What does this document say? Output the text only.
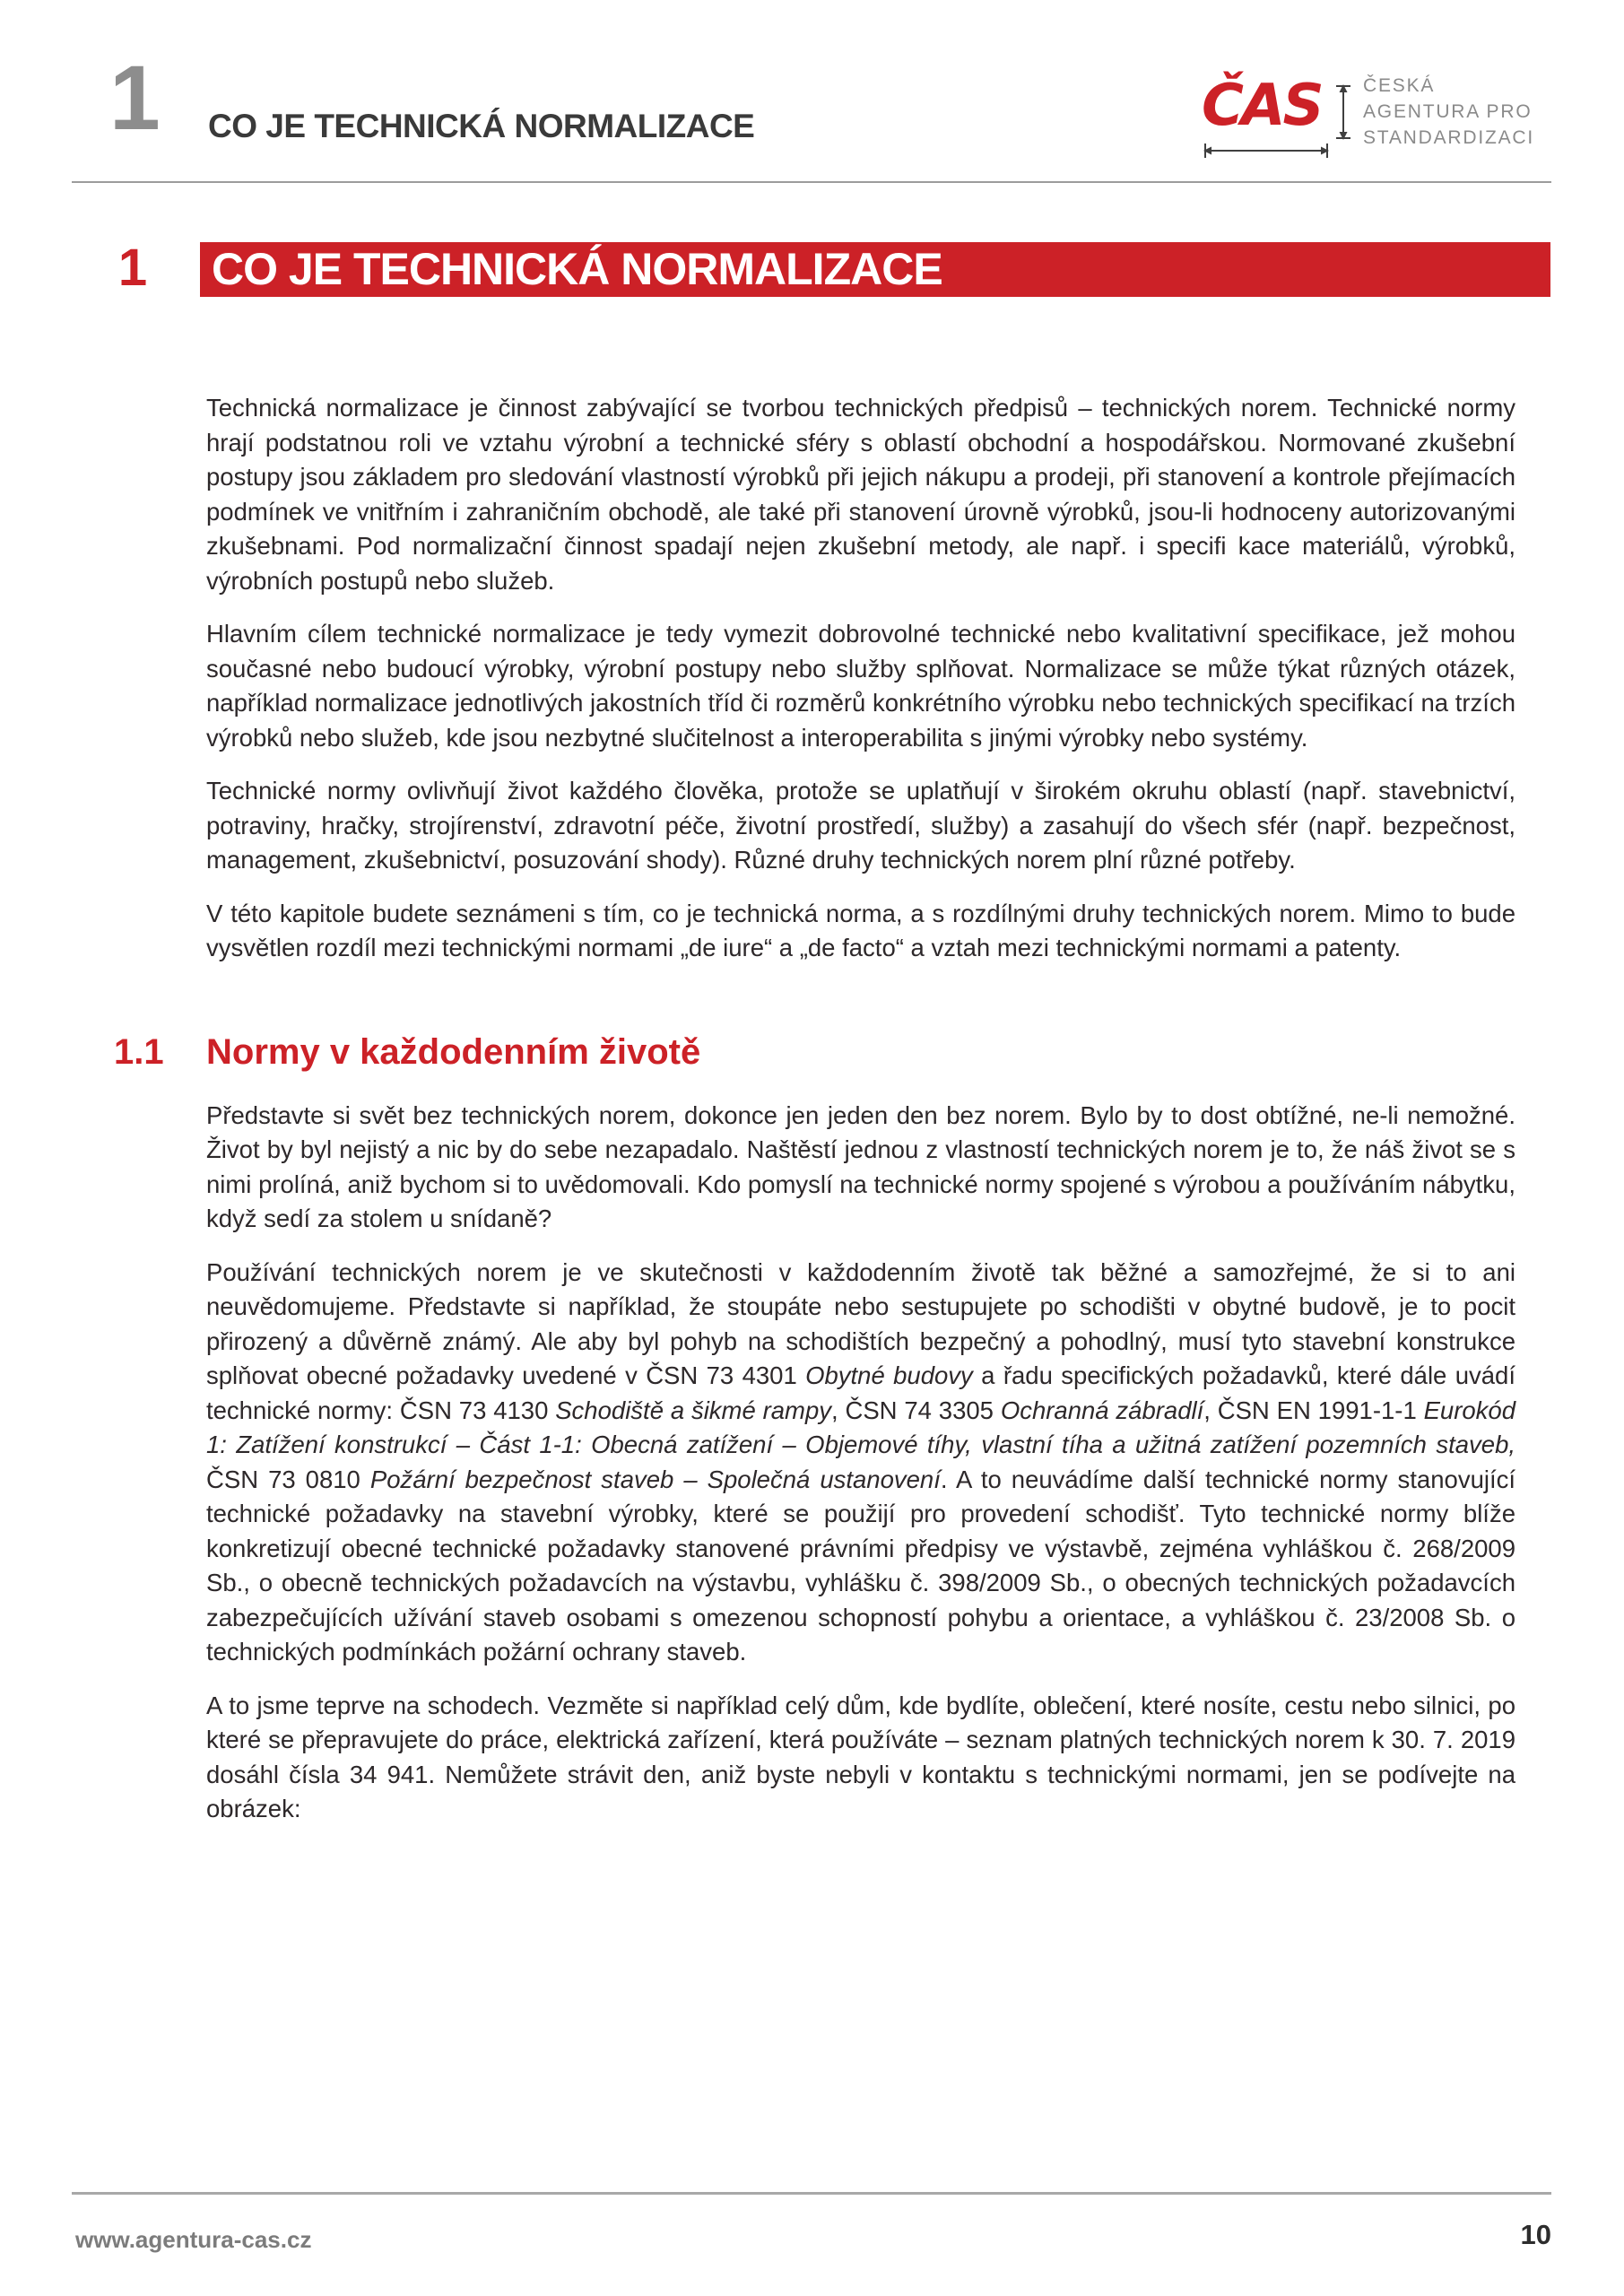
1 CO JE TECHNICKÁ NORMALIZACE	ČAS	ČESKÁ
AGENTURA PRO
STANDARDIZACI
1 CO JE TECHNICKÁ NORMALIZACE

Technická normalizace je činnost zabývající se tvorbou technických předpisů – technických norem. Technické normy hrají podstatnou roli ve vztahu výrobní a technické sféry s oblastí obchodní a hospodářskou. Normované zkušební postupy jsou základem pro sledování vlastností výrobků při jejich nákupu a prodeji, při stanovení a kontrole přejímacích podmínek ve vnitřním i zahraničním obchodě, ale také při stanovení úrovně výrobků, jsou-li hodnoceny autorizovanými zkušebnami. Pod normalizační činnost spadají nejen zkušební metody, ale např. i specifi kace materiálů, výrobků, výrobních postupů nebo služeb.

Hlavním cílem technické normalizace je tedy vymezit dobrovolné technické nebo kvalitativní specifikace, jež mohou současné nebo budoucí výrobky, výrobní postupy nebo služby splňovat. Normalizace se může týkat různých otázek, například normalizace jednotlivých jakostních tříd či rozměrů konkrétního výrobku nebo technických specifikací na trzích výrobků nebo služeb, kde jsou nezbytné slučitelnost a interoperabilita s jinými výrobky nebo systémy.

Technické normy ovlivňují život každého člověka, protože se uplatňují v širokém okruhu oblastí (např. stavebnictví, potraviny, hračky, strojírenství, zdravotní péče, životní prostředí, služby) a zasahují do všech sfér (např. bezpečnost, management, zkušebnictví, posuzování shody). Různé druhy technických norem plní různé potřeby.

V této kapitole budete seznámeni s tím, co je technická norma, a s rozdílnými druhy technických norem. Mimo to bude vysvětlen rozdíl mezi technickými normami „de iure“ a „de facto“ a vztah mezi technickými normami a patenty.

1.1 Normy v každodenním životě

Představte si svět bez technických norem, dokonce jen jeden den bez norem. Bylo by to dost obtížné, ne-li nemožné. Život by byl nejistý a nic by do sebe nezapadalo. Naštěstí jednou z vlastností technických norem je to, že náš život se s nimi prolíná, aniž bychom si to uvědomovali. Kdo pomyslí na technické normy spojené s výrobou a používáním nábytku, když sedí za stolem u snídaně?

Používání technických norem je ve skutečnosti v každodenním životě tak běžné a samozřejmé, že si to ani neuvědomujeme. Představte si například, že stoupáte nebo sestupujete po schodišti v obytné budově, je to pocit přirozený a důvěrně známý. Ale aby byl pohyb na schodištích bezpečný a pohodlný, musí tyto stavební konstrukce splňovat obecné požadavky uvedené v ČSN 73 4301 Obytné budovy a řadu specifických požadavků, které dále uvádí technické normy: ČSN 73 4130 Schodiště a šikmé rampy, ČSN 74 3305 Ochranná zábradlí, ČSN EN 1991-1-1 Eurokód 1: Zatížení konstrukcí – Část 1-1: Obecná zatížení – Objemové tíhy, vlastní tíha a užitná zatížení pozemních staveb, ČSN 73 0810 Požární bezpečnost staveb – Společná ustanovení. A to neuvádíme další technické normy stanovující technické požadavky na stavební výrobky, které se použijí pro provedení schodišť. Tyto technické normy blíže konkretizují obecné technické požadavky stanovené právními předpisy ve výstavbě, zejména vyhláškou č. 268/2009 Sb., o obecně technických požadavcích na výstavbu, vyhlášku č. 398/2009 Sb., o obecných technických požadavcích zabezpečujících užívání staveb osobami s omezenou schopností pohybu a orientace, a vyhláškou č. 23/2008 Sb. o technických podmínkách požární ochrany staveb.

A to jsme teprve na schodech. Vezměte si například celý dům, kde bydlíte, oblečení, které nosíte, cestu nebo silnici, po které se přepravujete do práce, elektrická zařízení, která používáte – seznam platných technických norem k 30. 7. 2019 dosáhl čísla 34 941. Nemůžete strávit den, aniž byste nebyli v kontaktu s technickými normami, jen se podívejte na obrázek:

www.agentura-cas.cz	10
